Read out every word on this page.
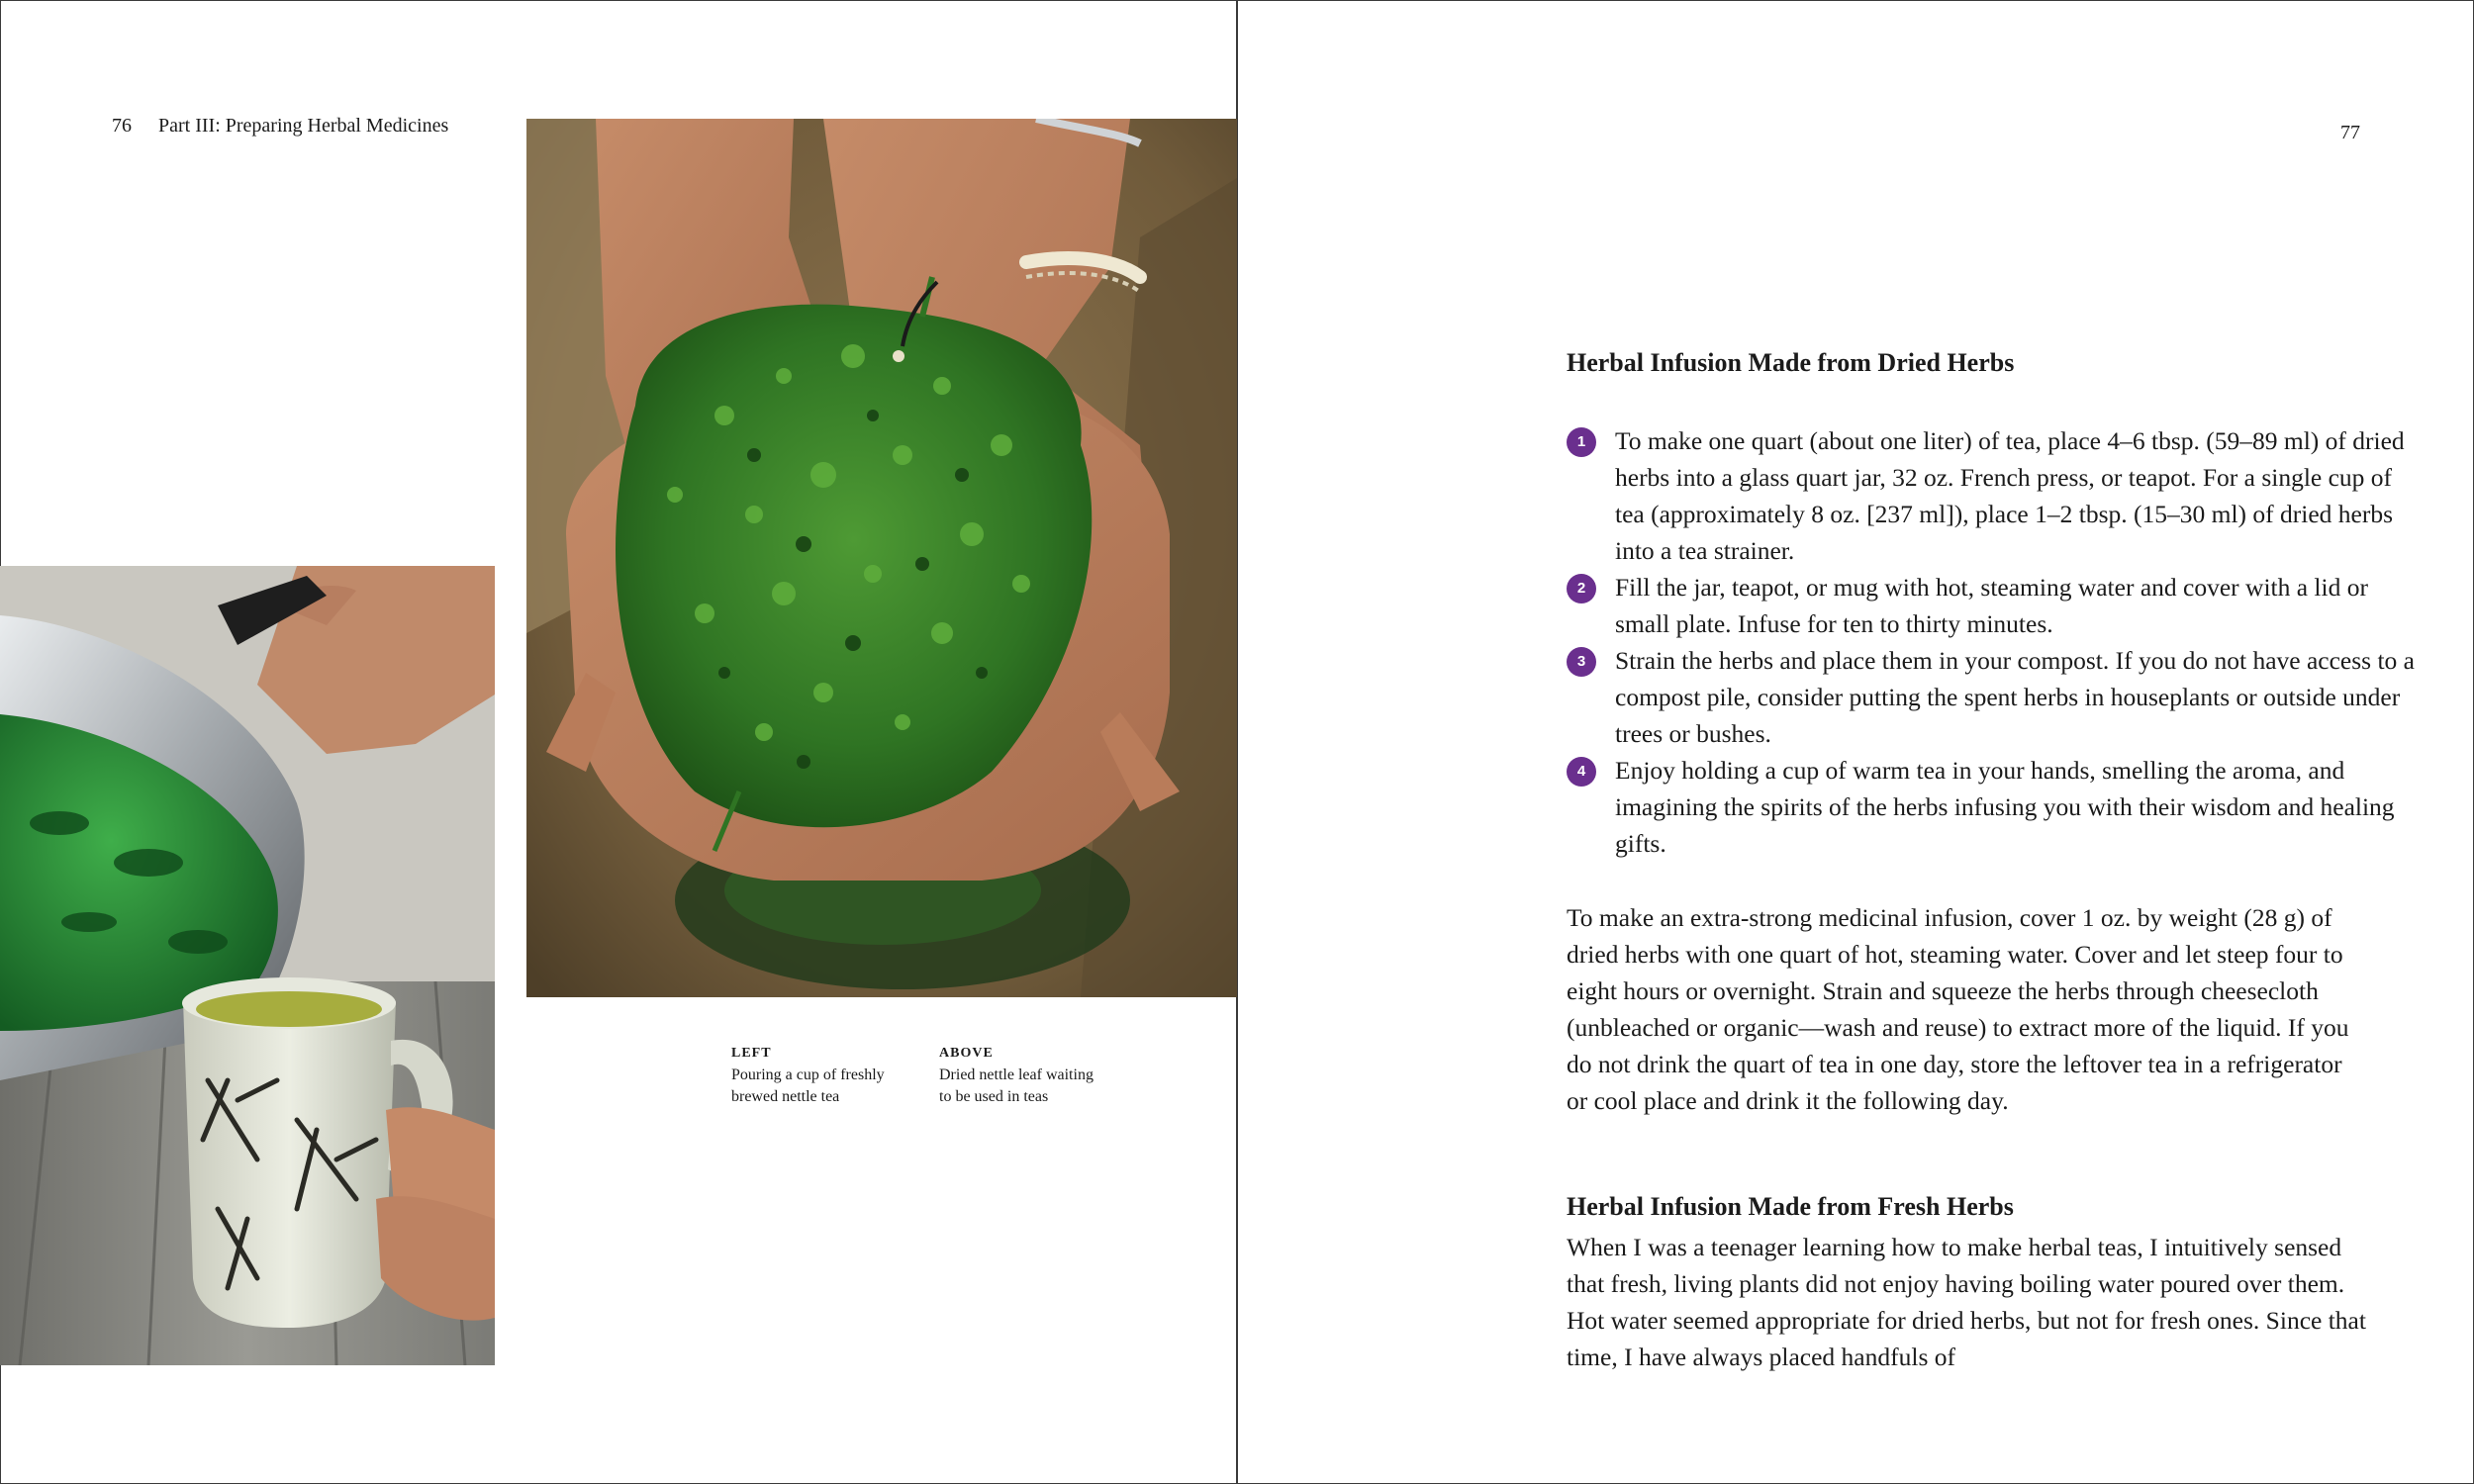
76 Part III: Preparing Herbal Medicines
LEFT
Pouring a cup of freshly brewed nettle tea
ABOVE
Dried nettle leaf waiting to be used in teas
77
Herbal Infusion Made from Dried Herbs
1	To make one quart (about one liter) of tea, place 4–6 tbsp. (59–89 ml) of dried herbs into a glass quart jar, 32 oz. French press, or teapot. For a single cup of tea (approximately 8 oz. [237 ml]), place 1–2 tbsp. (15–30 ml) of dried herbs into a tea strainer.
2	Fill the jar, teapot, or mug with hot, steaming water and cover with a lid or small plate. Infuse for ten to thirty minutes.
3	Strain the herbs and place them in your compost. If you do not have access to a compost pile, consider putting the spent herbs in houseplants or outside under trees or bushes.
4	Enjoy holding a cup of warm tea in your hands, smelling the aroma, and imagining the spirits of the herbs infusing you with their wisdom and healing gifts.

To make an extra-strong medicinal infusion, cover 1 oz. by weight (28 g) of dried herbs with one quart of hot, steaming water. Cover and let steep four to eight hours or overnight. Strain and squeeze the herbs through cheesecloth (unbleached or organic—wash and reuse) to extract more of the liquid. If you do not drink the quart of tea in one day, store the leftover tea in a refrigerator or cool place and drink it the following day.

Herbal Infusion Made from Fresh Herbs

When I was a teenager learning how to make herbal teas, I intuitively sensed that fresh, living plants did not enjoy having boiling water poured over them. Hot water seemed appropriate for dried herbs, but not for fresh ones. Since that time, I have always placed handfuls of
